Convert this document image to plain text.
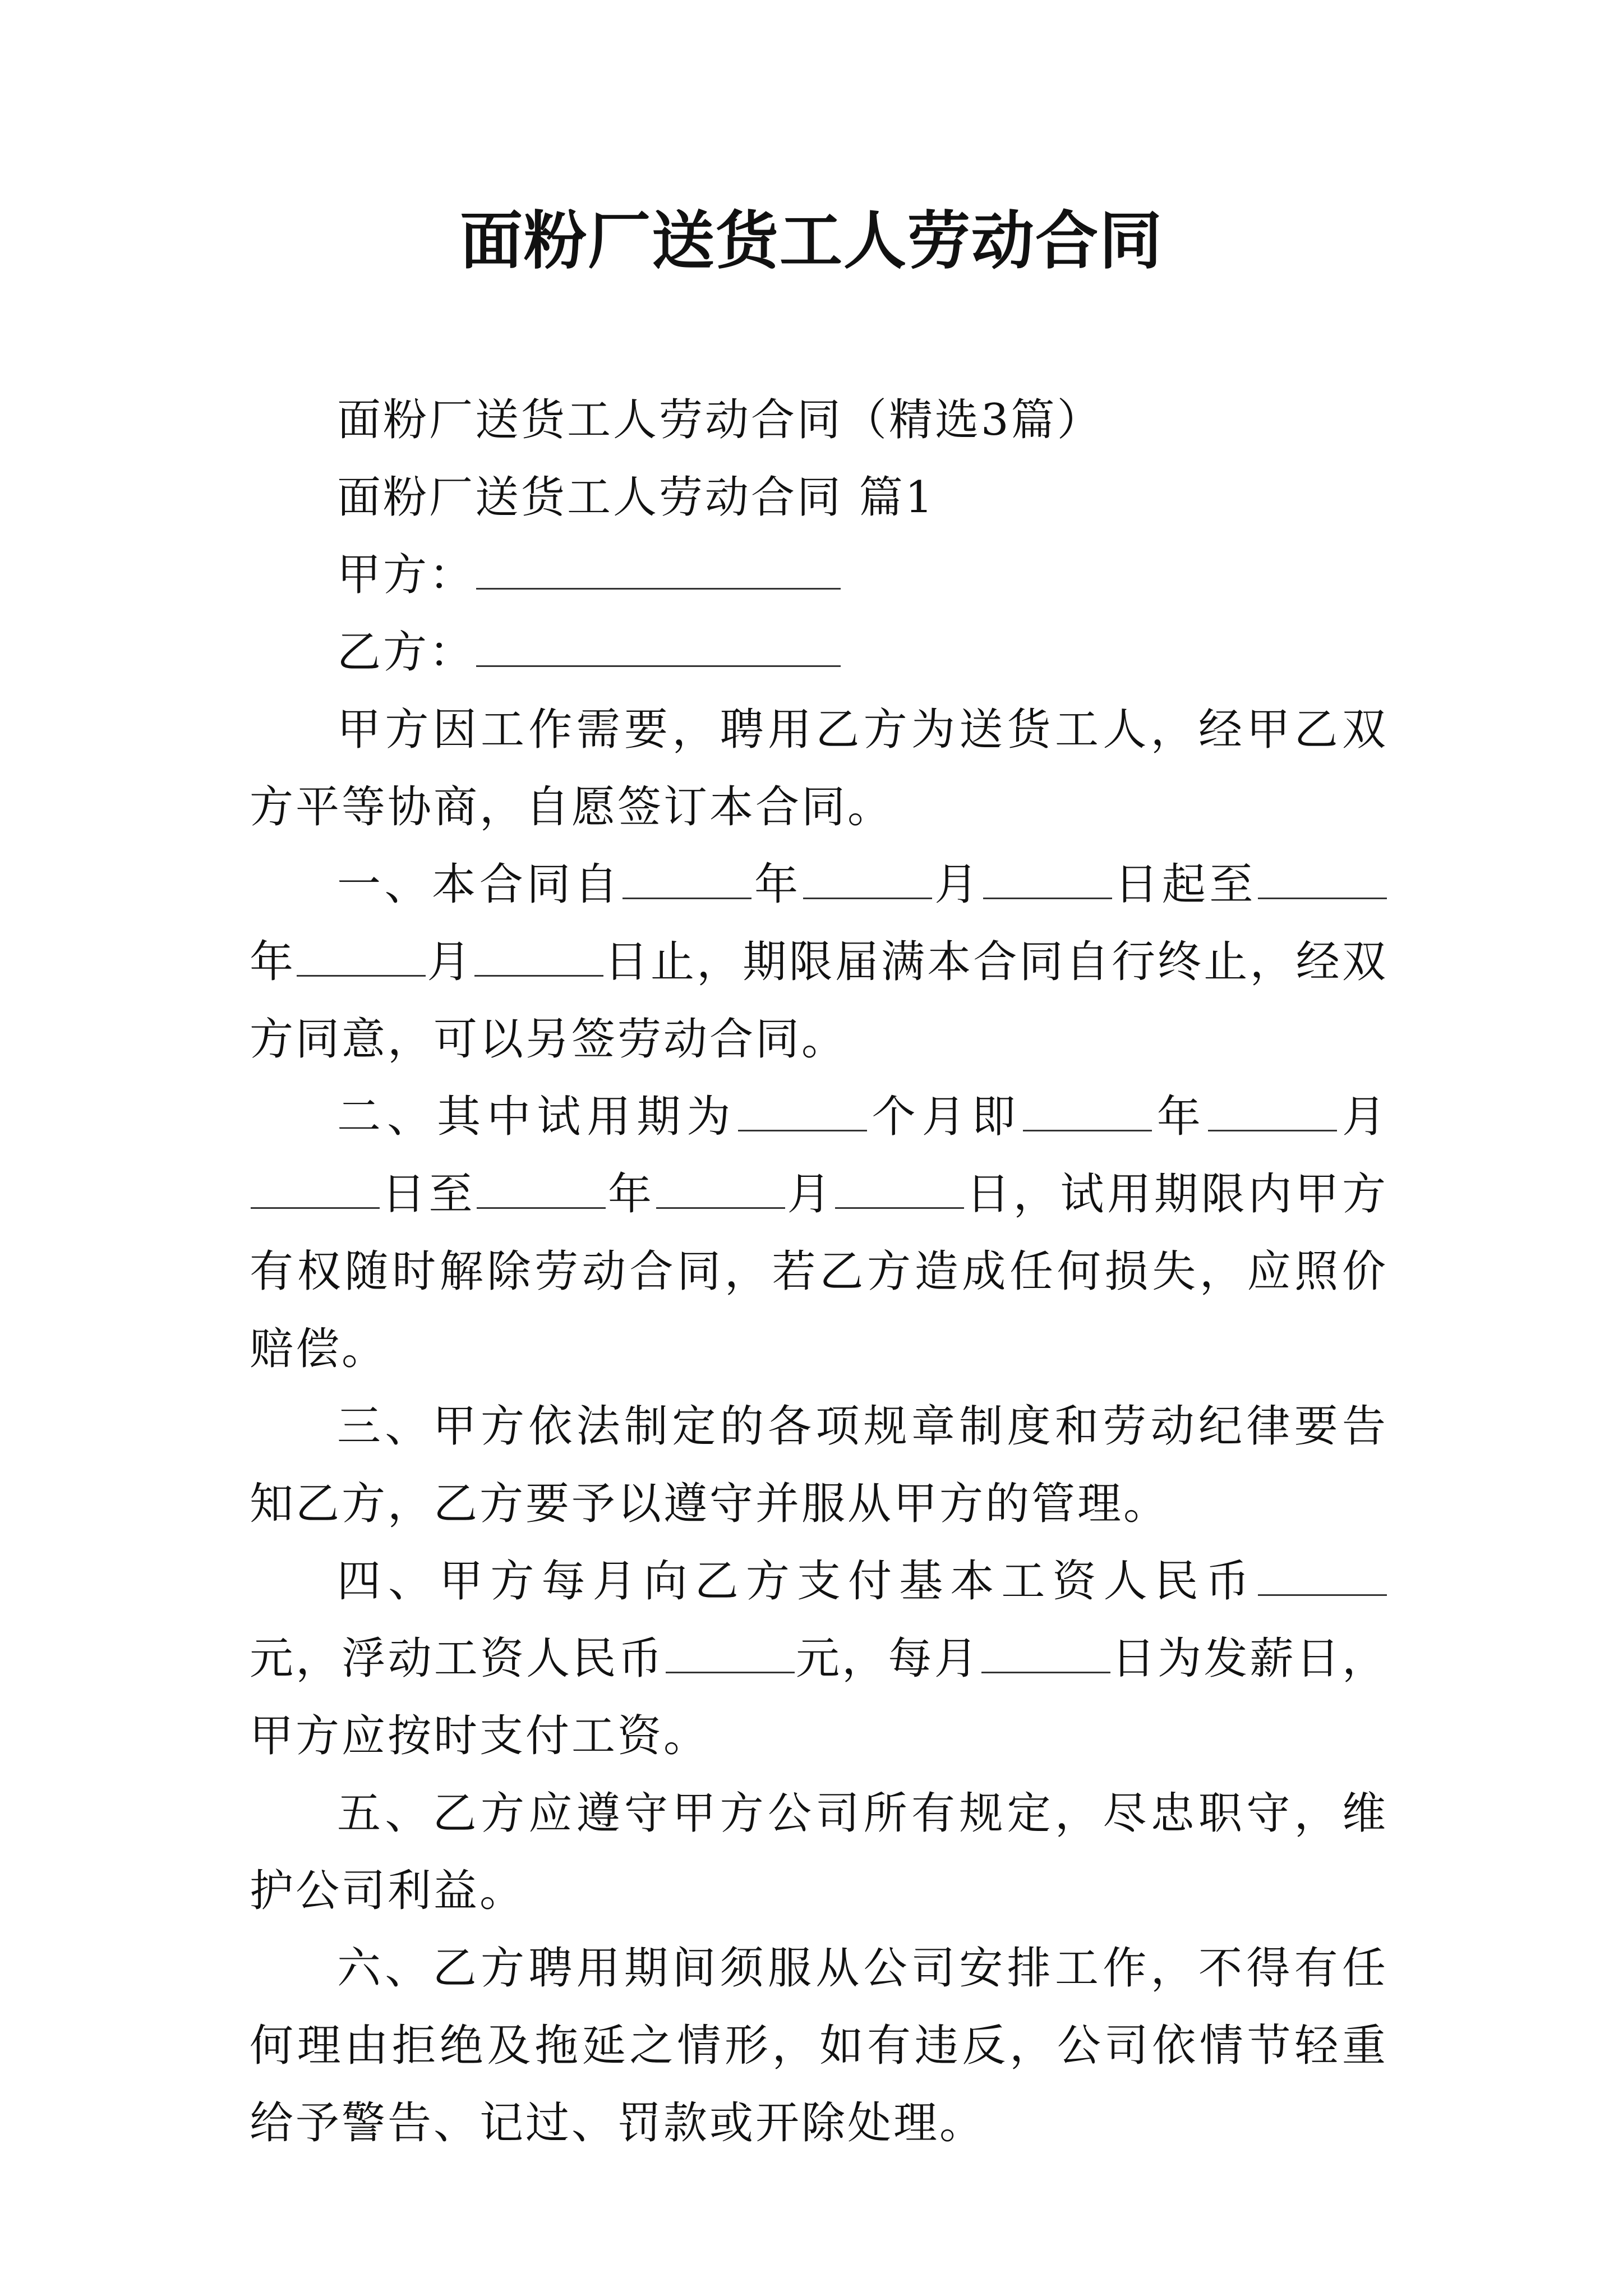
面粉厂送货工人劳动合同
面粉厂送货工人劳动合同（精选3篇）
面粉厂送货工人劳动合同 篇1
甲方：
乙方：

甲方因工作需要，聘用乙方为送货工人，经甲乙双方平等协商，自愿签订本合同。

一、本合同自	年	月	日起至年	月	日止，期限届满本合同自行终止，经双方同意，可以另签劳动合同。

二、其中试用期为	个月即	年	月日至	年	月	日，试用期限内甲方有权随时解除劳动合同，若乙方造成任何损失，应照价赔偿。

三、甲方依法制定的各项规章制度和劳动纪律要告知乙方，乙方要予以遵守并服从甲方的管理。

四、甲方每月向乙方支付基本工资人民币元，浮动工资人民币	元，每月	日为发薪日，甲方应按时支付工资。

五、乙方应遵守甲方公司所有规定，尽忠职守，维护公司利益。

六、乙方聘用期间须服从公司安排工作，不得有任何理由拒绝及拖延之情形，如有违反，公司依情节轻重给予警告、记过、罚款或开除处理。
